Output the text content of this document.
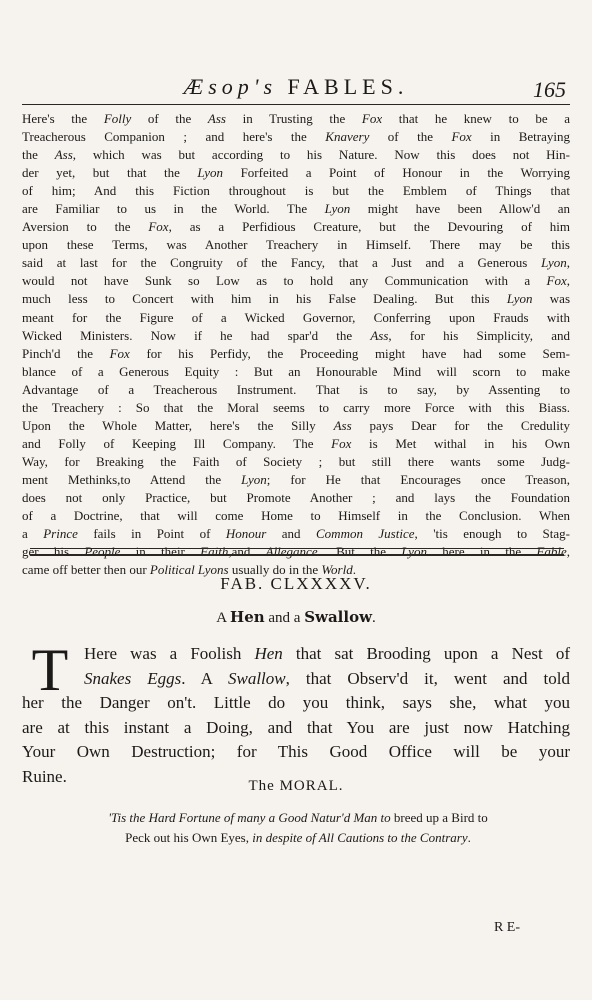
Æsop's FABLES.	165
Here's the Folly of the Ass in Trusting the Fox that he knew to be a
Treacherous Companion ; and here's the Knavery of the Fox in Betraying
the Ass, which was but according to his Nature. Now this does not Hin-
der yet, but that the Lyon Forfeited a Point of Honour in the Worrying
of him; And this Fiction throughout is but the Emblem of Things that
are Familiar to us in the World. The Lyon might have been Allow'd an
Aversion to the Fox, as a Perfidious Creature, but the Devouring of him
upon these Terms, was Another Treachery in Himself. There may be this
said at last for the Congruity of the Fancy, that a Just and a Generous Lyon,
would not have Sunk so Low as to hold any Communication with a Fox,
much less to Concert with him in his False Dealing. But this Lyon was
meant for the Figure of a Wicked Governor, Conferring upon Frauds with
Wicked Ministers. Now if he had spar'd the Ass, for his Simplicity, and
Pinch'd the Fox for his Perfidy, the Proceeding might have had some Sem-
blance of a Generous Equity : But an Honourable Mind will scorn to make
Advantage of a Treacherous Instrument. That is to say, by Assenting to
the Treachery : So that the Moral seems to carry more Force with this Biass.
Upon the Whole Matter, here's the Silly Ass pays Dear for the Credulity
and Folly of Keeping Ill Company. The Fox is Met withal in his Own
Way, for Breaking the Faith of Society ; but still there wants some Judg-
ment Methinks,to Attend the Lyon; for He that Encourages once Treason,
does not only Practice, but Promote Another ; and lays the Foundation
of a Doctrine, that will come Home to Himself in the Conclusion. When
a Prince fails in Point of Honour and Common Justice, 'tis enough to Stag-
ger his People in their Faith,and Allegance. But the Lyon here in the Fable,
came off better then our Political Lyons usually do in the World.
FAB. CLXXXXV.
A Hen and a Swallow.
T Here was a Foolish Hen that sat Brooding upon a Nest of
Snakes Eggs. A Swallow, that Observ'd it, went and told
her the Danger on't. Little do you think, says she, what you
are at this instant a Doing, and that You are just now Hatching
Your Own Destruction; for This Good Office will be your
Ruine.
The MORAL.
'Tis the Hard Fortune of many a Good Natur'd Man to breed up a Bird to
Peck out his Own Eyes, in despite of All Cautions to the Contrary.
R E-
